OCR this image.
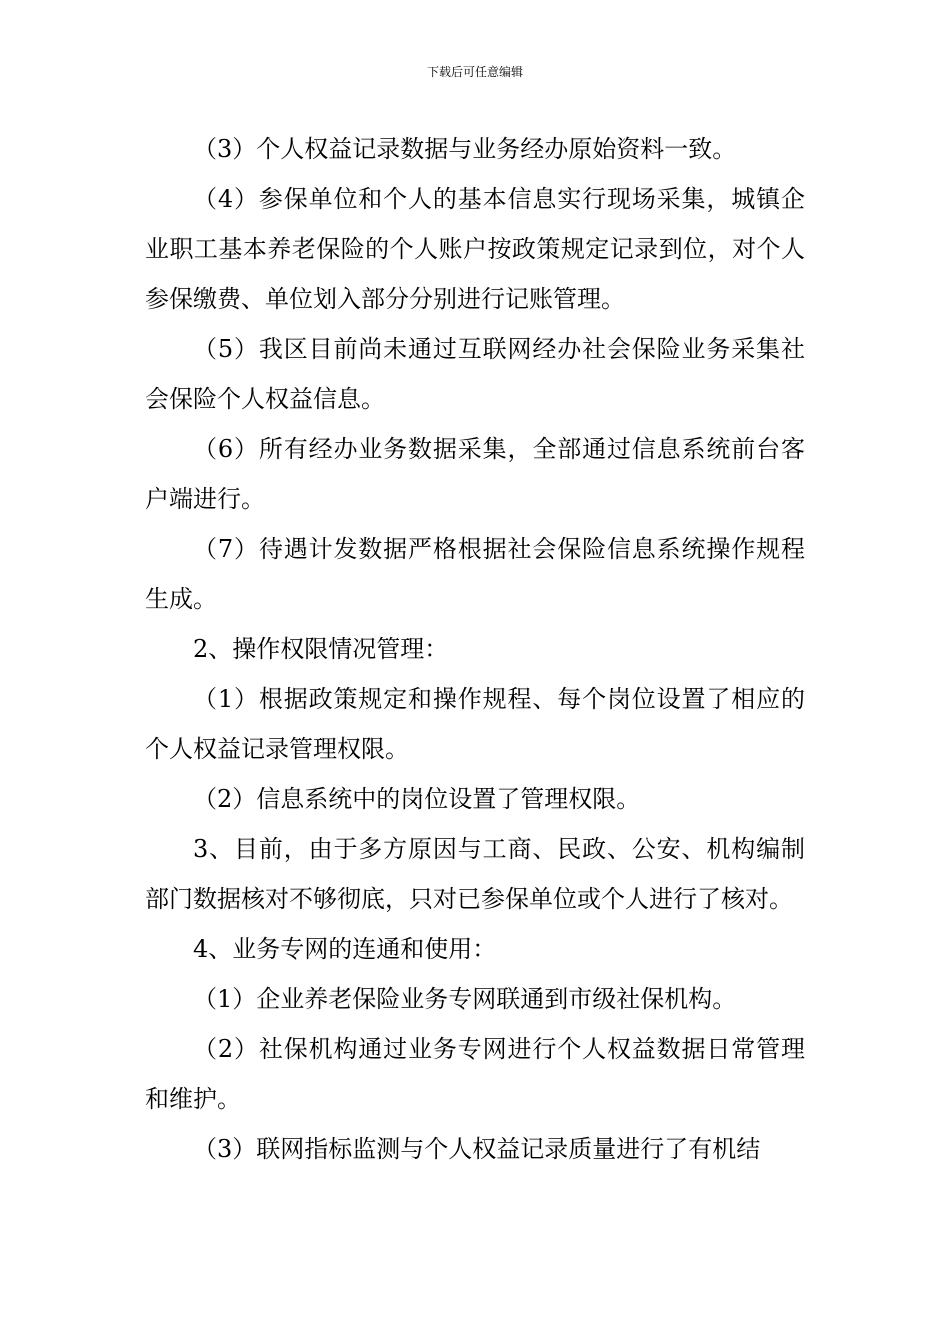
下载后可任意编辑

（3）个人权益记录数据与业务经办原始资料一致。

（4）参保单位和个人的基本信息实行现场采集，城镇企业职工基本养老保险的个人账户按政策规定记录到位，对个人参保缴费、单位划入部分分别进行记账管理。

（5）我区目前尚未通过互联网经办社会保险业务采集社会保险个人权益信息。

（6）所有经办业务数据采集，全部通过信息系统前台客户端进行。

（7）待遇计发数据严格根据社会保险信息系统操作规程生成。

2、操作权限情况管理：

（1）根据政策规定和操作规程、每个岗位设置了相应的个人权益记录管理权限。

（2）信息系统中的岗位设置了管理权限。

3、目前，由于多方原因与工商、民政、公安、机构编制部门数据核对不够彻底，只对已参保单位或个人进行了核对。

4、业务专网的连通和使用：

（1）企业养老保险业务专网联通到市级社保机构。

（2）社保机构通过业务专网进行个人权益数据日常管理和维护。

（3）联网指标监测与个人权益记录质量进行了有机结
